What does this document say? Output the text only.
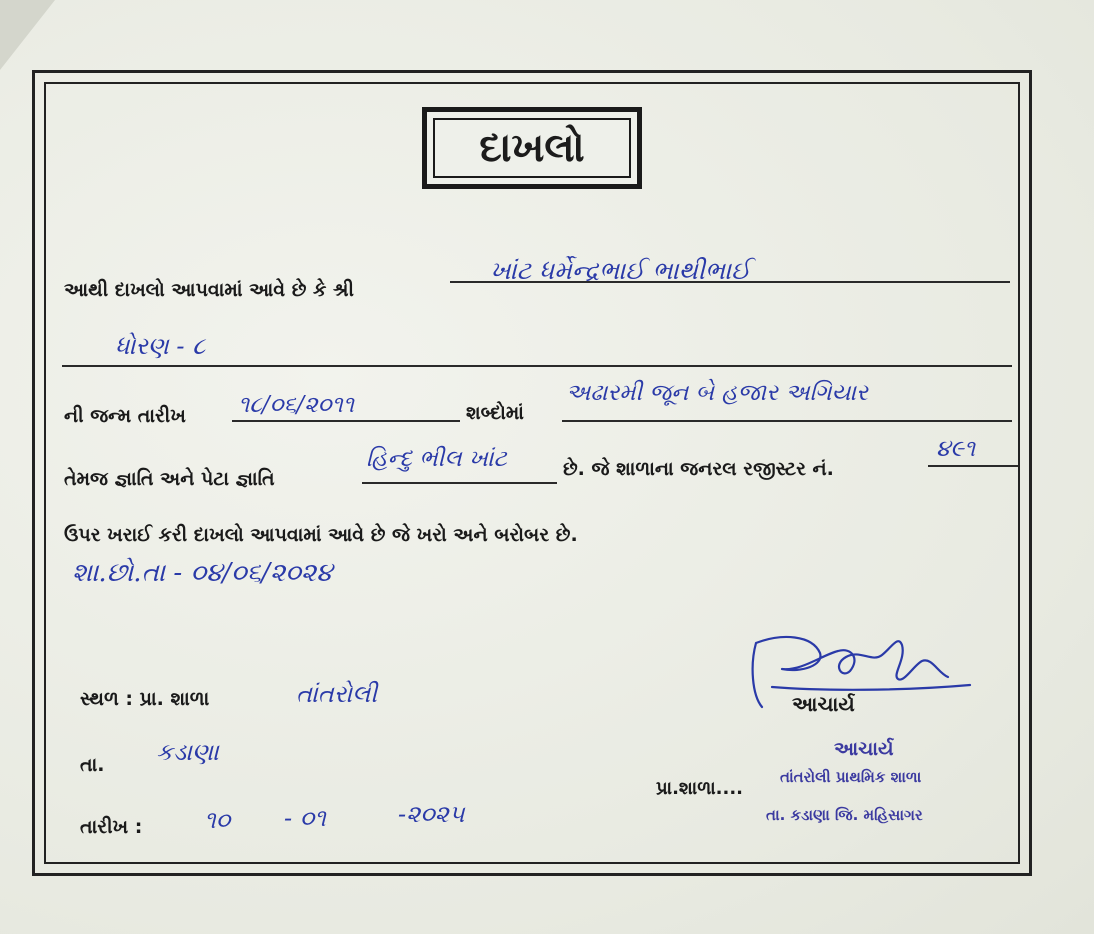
દાખલો
આથી દાખલો આપવામાં આવે છે કે શ્રી
ખાંટ ધર્મેન્દ્રભાઈ ભાથીભાઈ
ધોરણ - ૮
ની જન્મ તારીખ ૧૮/૦૬/૨૦૧૧	શબ્દોમાં
અઢારમી જૂન બે હજાર અગિયાર
તેમજ જ્ઞાતિ અને પેટા જ્ઞાતિ
હિન્દુ ભીલ ખાંટ	છે. જે શાળાના જનરલ રજીસ્ટર નં.
૪૯૧
ઉપર ખરાઈ કરી દાખલો આપવામાં આવે છે જે ખરો અને બરોબર છે.
શા.છો.તા - ૦૪/૦૬/૨૦૨૪
સ્થળ : પ્રા. શાળા	તાંતરોલી
તા. કડાણા
તારીખ :	૧૦ - ૦૧	-૨૦૨૫
આચાર્ય
આચાર્ય
પ્રા.શાળા....
તાંતરોલી પ્રાથમિક શાળા
તા. કડાણા જિ. મહિસાગર
